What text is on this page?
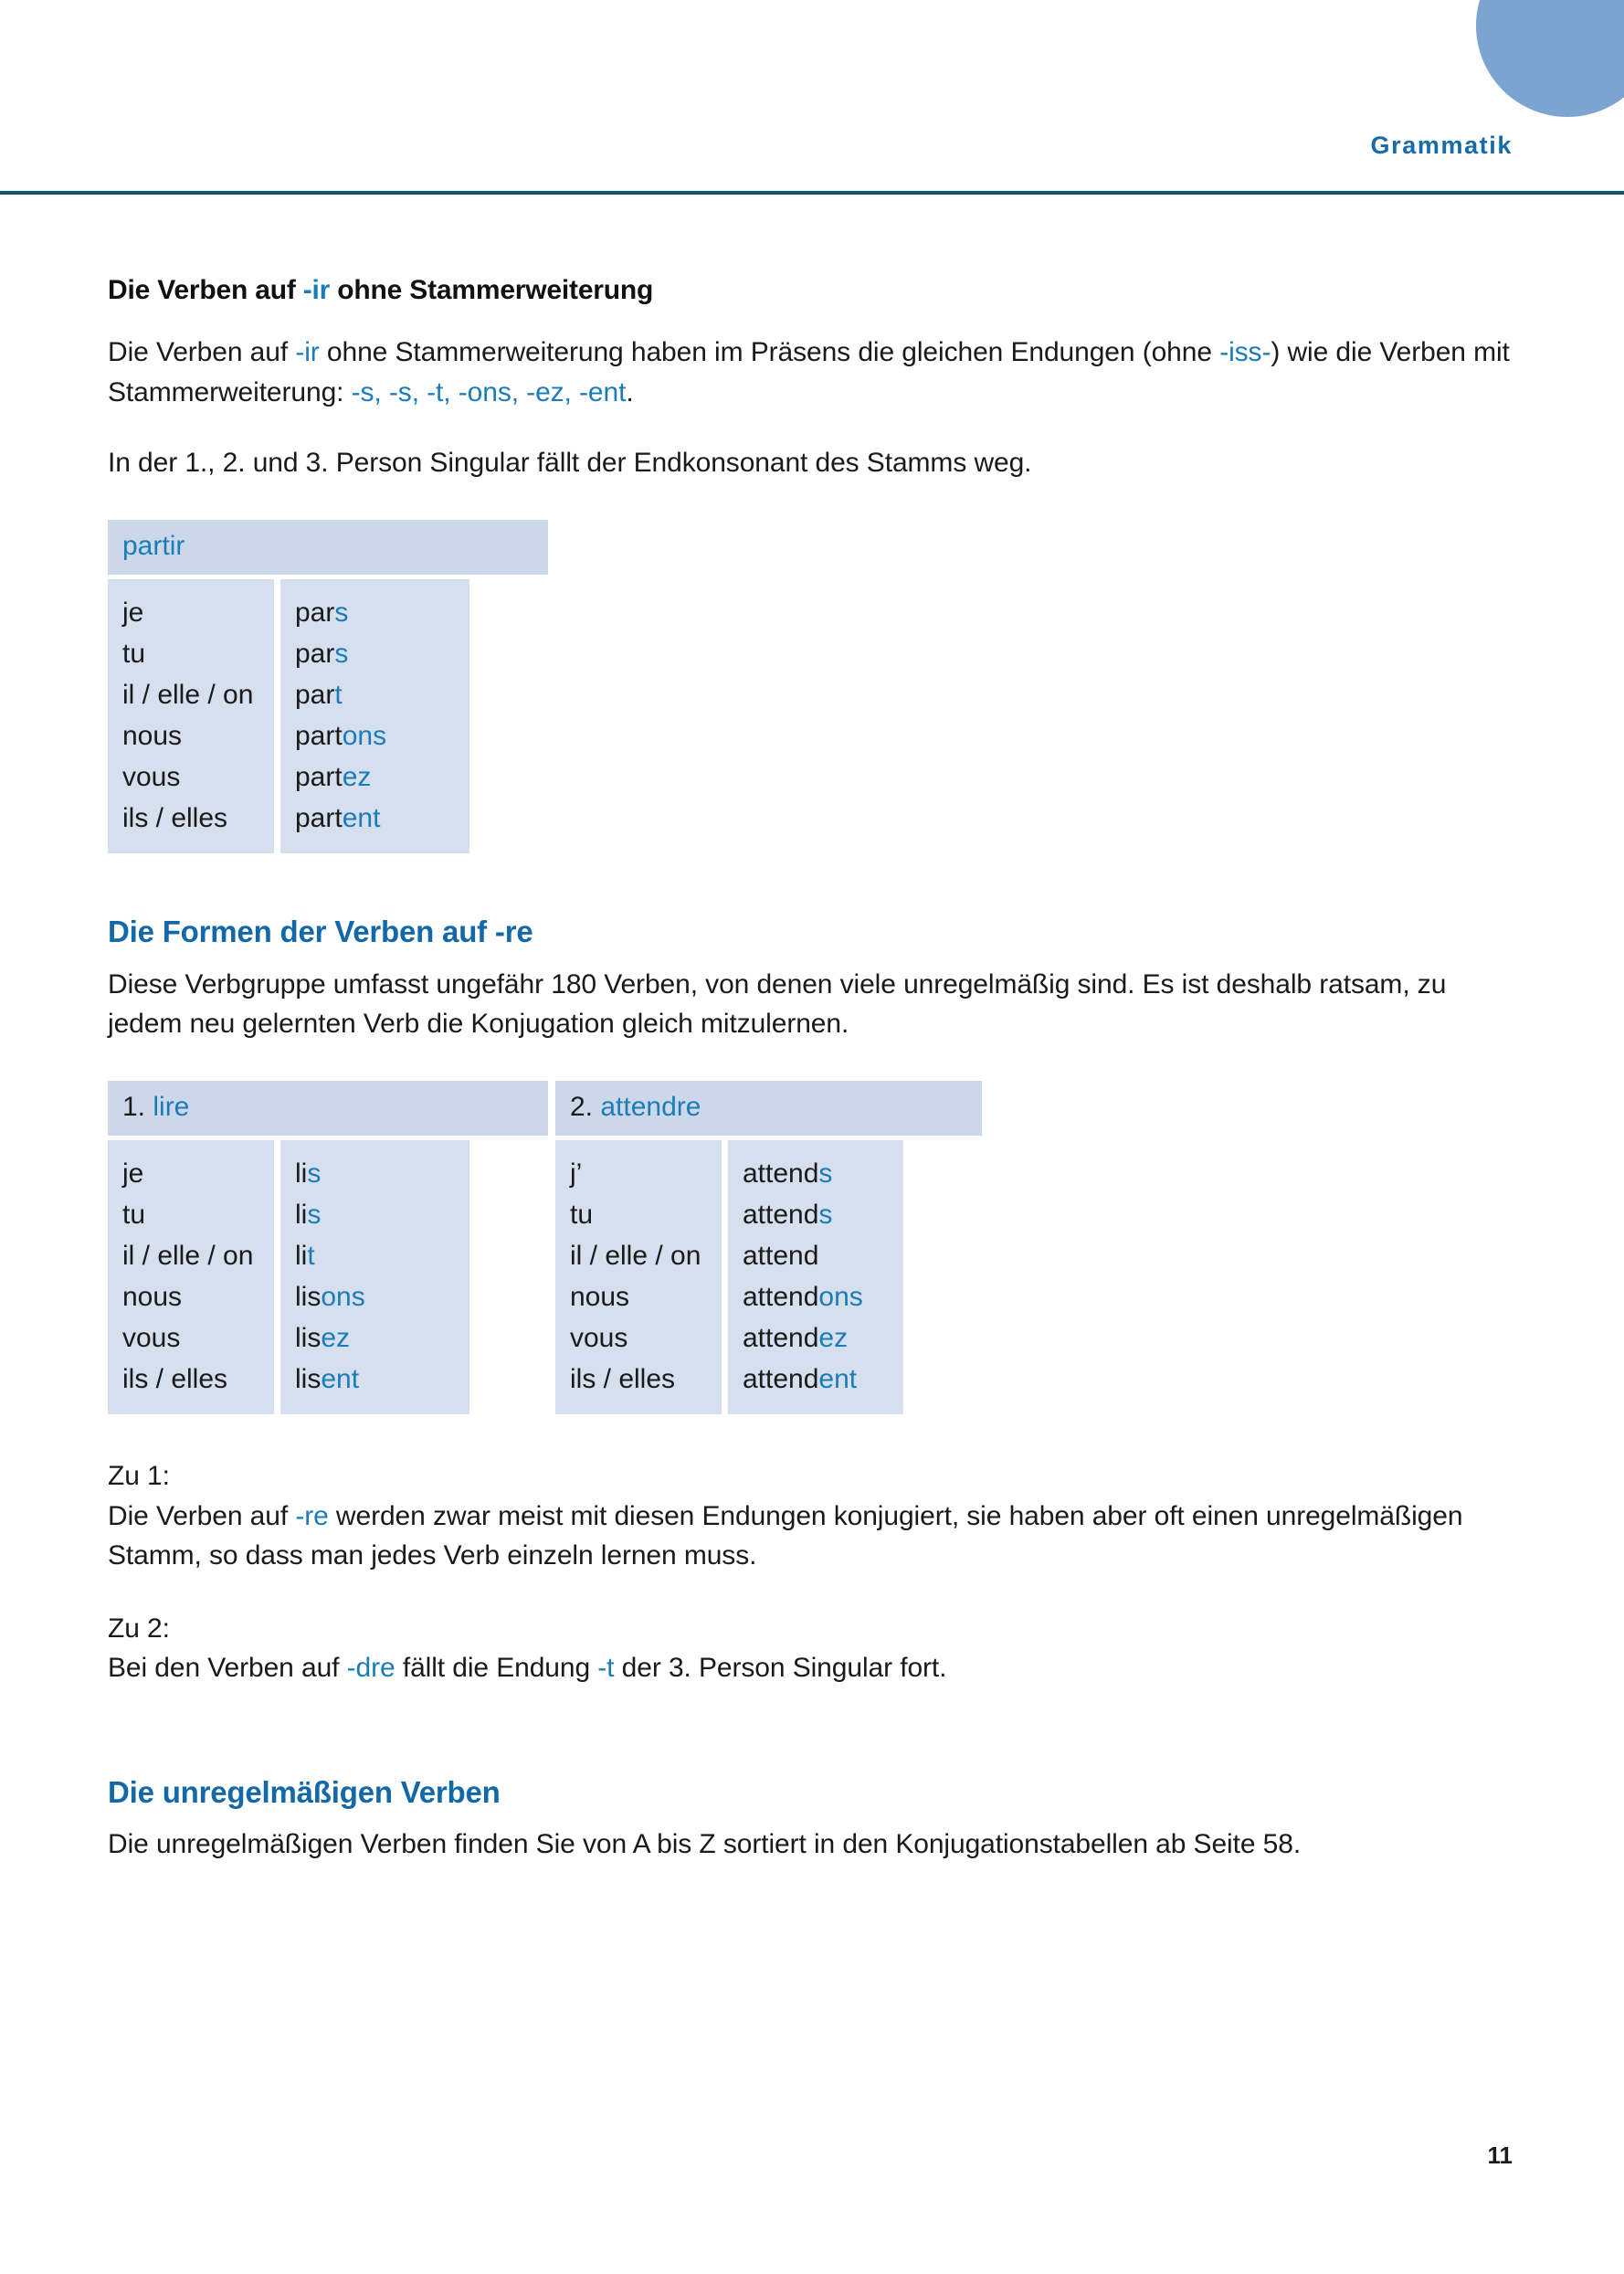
Grammatik
Die Verben auf -ir ohne Stammerweiterung

Die Verben auf -ir ohne Stammerweiterung haben im Präsens die gleichen Endungen (ohne -iss-) wie die Verben mit Stammerweiterung: -s, -s, -t, -ons, -ez, -ent.

In der 1., 2. und 3. Person Singular fällt der Endkonsonant des Stamms weg.

partir
je
tu
il / elle / on
nous
vous
ils / elles
pars
pars
part
partons
partez
partent
Die Formen der Verben auf -re

Diese Verbgruppe umfasst ungefähr 180 Verben, von denen viele unregelmäßig sind. Es ist deshalb ratsam, zu jedem neu gelernten Verb die Konjugation gleich mitzulernen.

1. lire
je
tu
il / elle / on
nous
vous
ils / elles
lis
lis
lit
lisons
lisez
lisent
2. attendre
j’
tu
il / elle / on
nous
vous
ils / elles
attends
attends
attend
attendons
attendez
attendent

Zu 1:
Die Verben auf -re werden zwar meist mit diesen Endungen konjugiert, sie haben aber oft einen unregelmäßigen Stamm, so dass man jedes Verb einzeln lernen muss.

Zu 2:
Bei den Verben auf -dre fällt die Endung -t der 3. Person Singular fort.

Die unregelmäßigen Verben

Die unregelmäßigen Verben finden Sie von A bis Z sortiert in den Konjugationstabellen ab Seite 58.

11
